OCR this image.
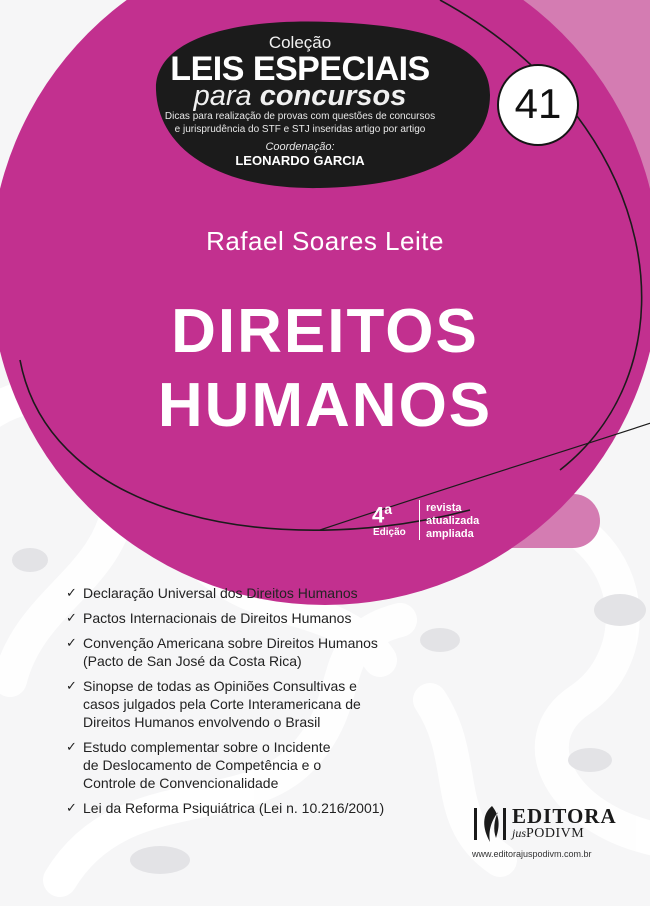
Coleção
LEIS ESPECIAIS
para concursos
Dicas para realização de provas com questões de concursos
e jurisprudência do STF e STJ inseridas artigo por artigo
Coordenação:
LEONARDO GARCIA
41
Rafael Soares Leite
DIREITOS
HUMANOS
4$^a$
Edição
revista
atualizada
ampliada
✓ Declaração Universal dos Direitos Humanos
✓ Pactos Internacionais de Direitos Humanos
✓ Convenção Americana sobre Direitos Humanos
(Pacto de San José da Costa Rica)
✓ Sinopse de todas as Opiniões Consultivas e
casos julgados pela Corte Interamericana de
Direitos Humanos envolvendo o Brasil
✓ Estudo complementar sobre o Incidente
de Deslocamento de Competência e o
Controle de Convencionalidade
✓ Lei da Reforma Psiquiátrica (Lei n. 10.216/2001)	EDITORA
jusPODIVM
www.editorajuspodivm.com.br
